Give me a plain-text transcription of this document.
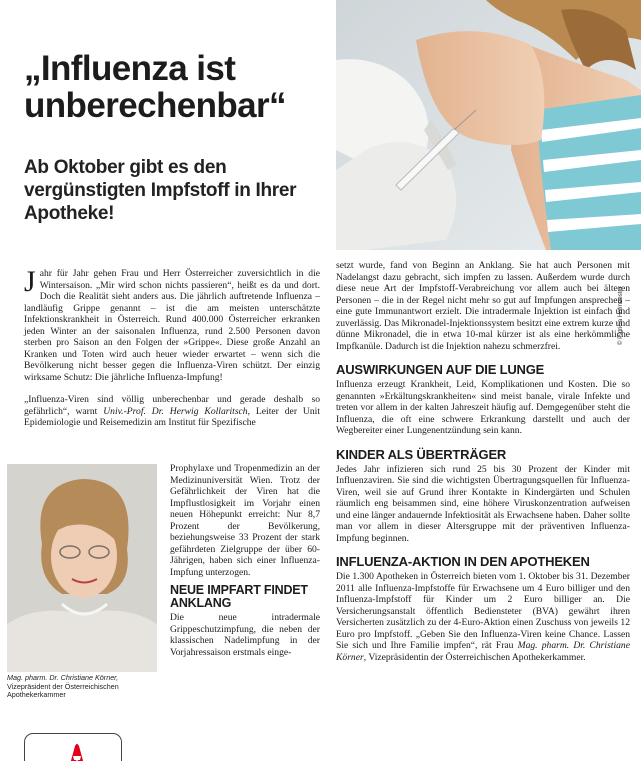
„Influenza ist unberechenbar“
Ab Oktober gibt es den vergünstigten Impfstoff in Ihrer Apotheke!
© Patricia Hofmeester

Jahr für Jahr gehen Frau und Herr Österreicher zuversichtlich in die Wintersaison. „Mir wird schon nichts passieren“, heißt es da und dort. Doch die Realität sieht anders aus. Die jährlich auftretende Influenza – landläufig Grippe genannt – ist die am meisten unterschätzte Infektionskrankheit in Österreich. Rund 400.000 Österreicher erkranken jeden Winter an der saisonalen Influenza, rund 2.500 Personen davon sterben pro Saison an den Folgen der »Grippe«. Diese große Anzahl an Kranken und Toten wird auch heuer wieder erwartet – wenn sich die Bevölkerung nicht besser gegen die Influenza-Viren schützt. Der einzig wirksame Schutz: Die jährliche Influenza-Impfung!

„Influenza-Viren sind völlig unberechenbar und gerade deshalb so gefährlich“, warnt Univ.-Prof. Dr. Herwig Kollaritsch, Leiter der Unit Epidemiologie und Reisemedizin am Institut für Spezifische

Mag. pharm. Dr. Christiane Körner,
Vizepräsident der Österreichischen Apothekerkammer

Prophylaxe und Tropenmedizin an der Medizinuniversität Wien. Trotz der Gefährlichkeit der Viren hat die Impflustlosigkeit im Vorjahr einen neuen Höhepunkt erreicht: Nur 8,7 Prozent der Bevölkerung, beziehungsweise 33 Prozent der stark gefährdeten Zielgruppe der über 60-Jährigen, haben sich einer Influenza-Impfung unterzogen.

NEUE IMPFART FINDET ANKLANG

Die neue intradermale Grippeschutzimpfung, die neben der klassischen Nadelimpfung in der Vorjahressaison erstmals einge-

setzt wurde, fand von Beginn an Anklang. Sie hat auch Personen mit Nadelangst dazu gebracht, sich impfen zu lassen. Außerdem wurde durch diese neue Art der Impfstoff-Verabreichung vor allem auch bei älteren Personen – die in der Regel nicht mehr so gut auf Impfungen ansprechen – eine gute Immunantwort erzielt. Die intradermale Injektion ist einfach und zuverlässig. Das Mikronadel-Injektionssystem besitzt eine extrem kurze und dünne Mikronadel, die in etwa 10-mal kürzer ist als eine herkömmliche Impfkanüle. Dadurch ist die Injektion nahezu schmerzfrei.

AUSWIRKUNGEN AUF DIE LUNGE

Influenza erzeugt Krankheit, Leid, Komplikationen und Kosten. Die so genannten »Erkältungskrankheiten« sind meist banale, virale Infekte und treten vor allem in der kalten Jahreszeit häufig auf. Demgegenüber steht die Influenza, die oft eine schwere Erkrankung darstellt und auch der Wegbereiter einer Lungenentzündung sein kann.

KINDER ALS ÜBERTRÄGER

Jedes Jahr infizieren sich rund 25 bis 30 Prozent der Kinder mit Influenzaviren. Sie sind die wichtigsten Übertragungsquellen für Influenza-Viren, weil sie auf Grund ihrer Kontakte in Kindergärten und Schulen räumlich eng beisammen sind, eine höhere Viruskonzentration aufweisen und eine länger andauernde Infektiosität als Erwachsene haben. Daher sollte man vor allem in dieser Altersgruppe mit der präventiven Influenza-Impfung beginnen.

INFLUENZA-AKTION IN DEN APOTHEKEN

Die 1.300 Apotheken in Österreich bieten vom 1. Oktober bis 31. Dezember 2011 alle Influenza-Impfstoffe für Erwachsene um 4 Euro billiger und den Influenza-Impfstoff für Kinder um 2 Euro billiger an. Die Versicherungsanstalt öffentlich Bediensteter (BVA) gewährt ihren Versicherten zusätzlich zu der 4-Euro-Aktion einen Zuschuss von jeweils 12 Euro pro Impfstoff. „Geben Sie den Influenza-Viren keine Chance. Lassen Sie sich und Ihre Familie impfen“, rät Frau Mag. pharm. Dr. Christiane Körner, Vizepräsidentin der Österreichischen Apothekerkammer.
